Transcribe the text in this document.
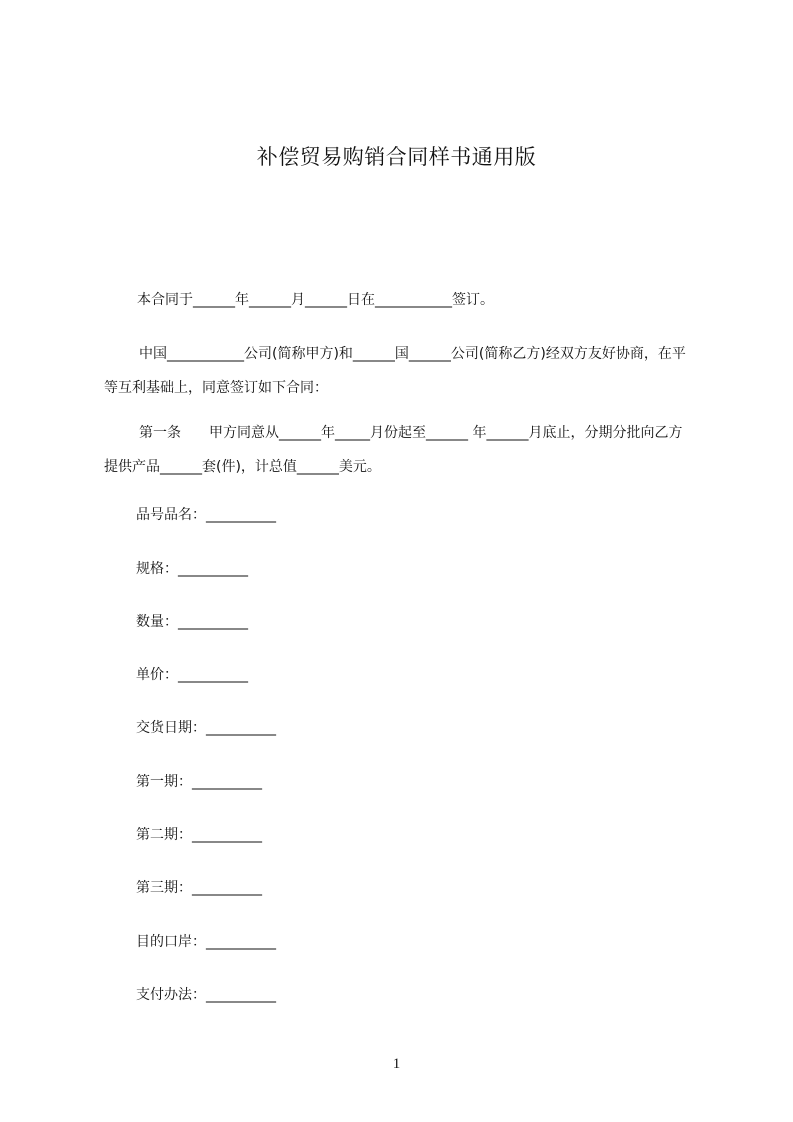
补偿贸易购销合同样书通用版
本合同于______年______月______日在___________签订。
中国___________公司(简称甲方)和______国______公司(简称乙方)经双方友好协商，在平等互利基础上，同意签订如下合同：
第一条　　甲方同意从______年_____月份起至______ 年______月底止，分期分批向乙方提供产品______套(件)，计总值______美元。
品号品名：__________
规格：__________
数量：__________
单价：__________
交货日期：__________
第一期：__________
第二期：__________
第三期：__________
目的口岸：__________
支付办法：__________
1
